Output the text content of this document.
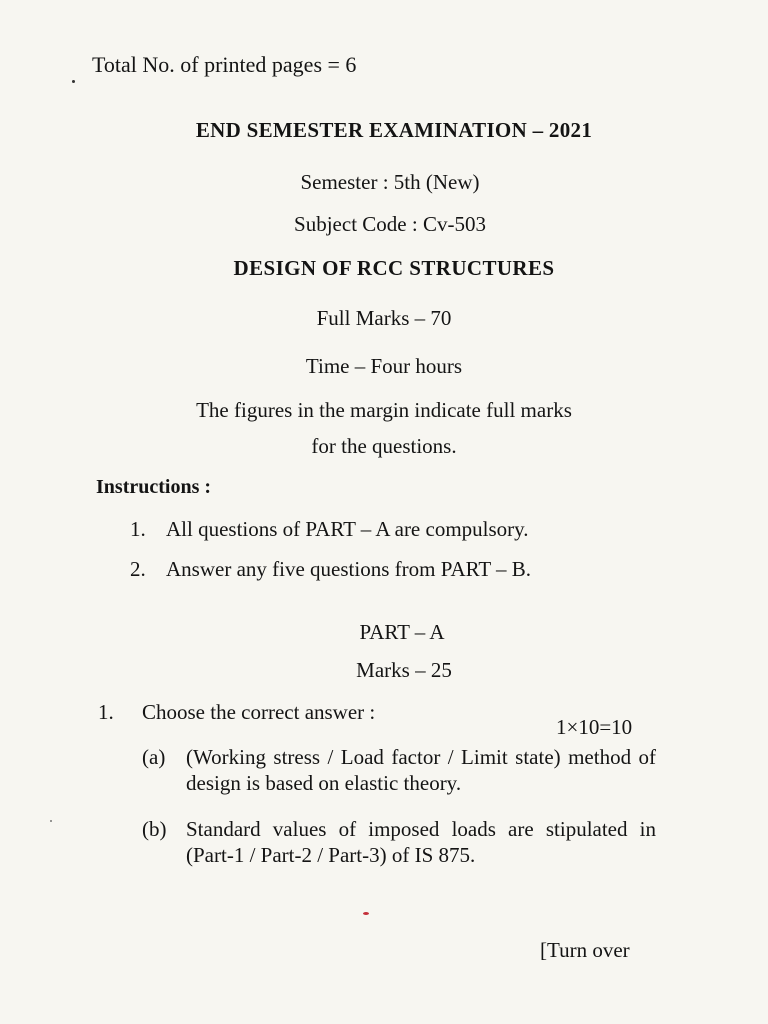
Total No. of printed pages = 6
END SEMESTER EXAMINATION – 2021
Semester : 5th (New)
Subject Code : Cv-503
DESIGN OF RCC STRUCTURES
Full Marks – 70
Time – Four hours
The figures in the margin indicate full marks
for the questions.
Instructions :
1. All questions of PART – A are compulsory.
2. Answer any five questions from PART – B.
PART – A
Marks – 25
1. Choose the correct answer :
1×10=10
(a) (Working stress / Load factor / Limit state) method of design is based on elastic theory.
(b) Standard values of imposed loads are stipulated in (Part-1 / Part-2 / Part-3) of IS 875.
[Turn over
